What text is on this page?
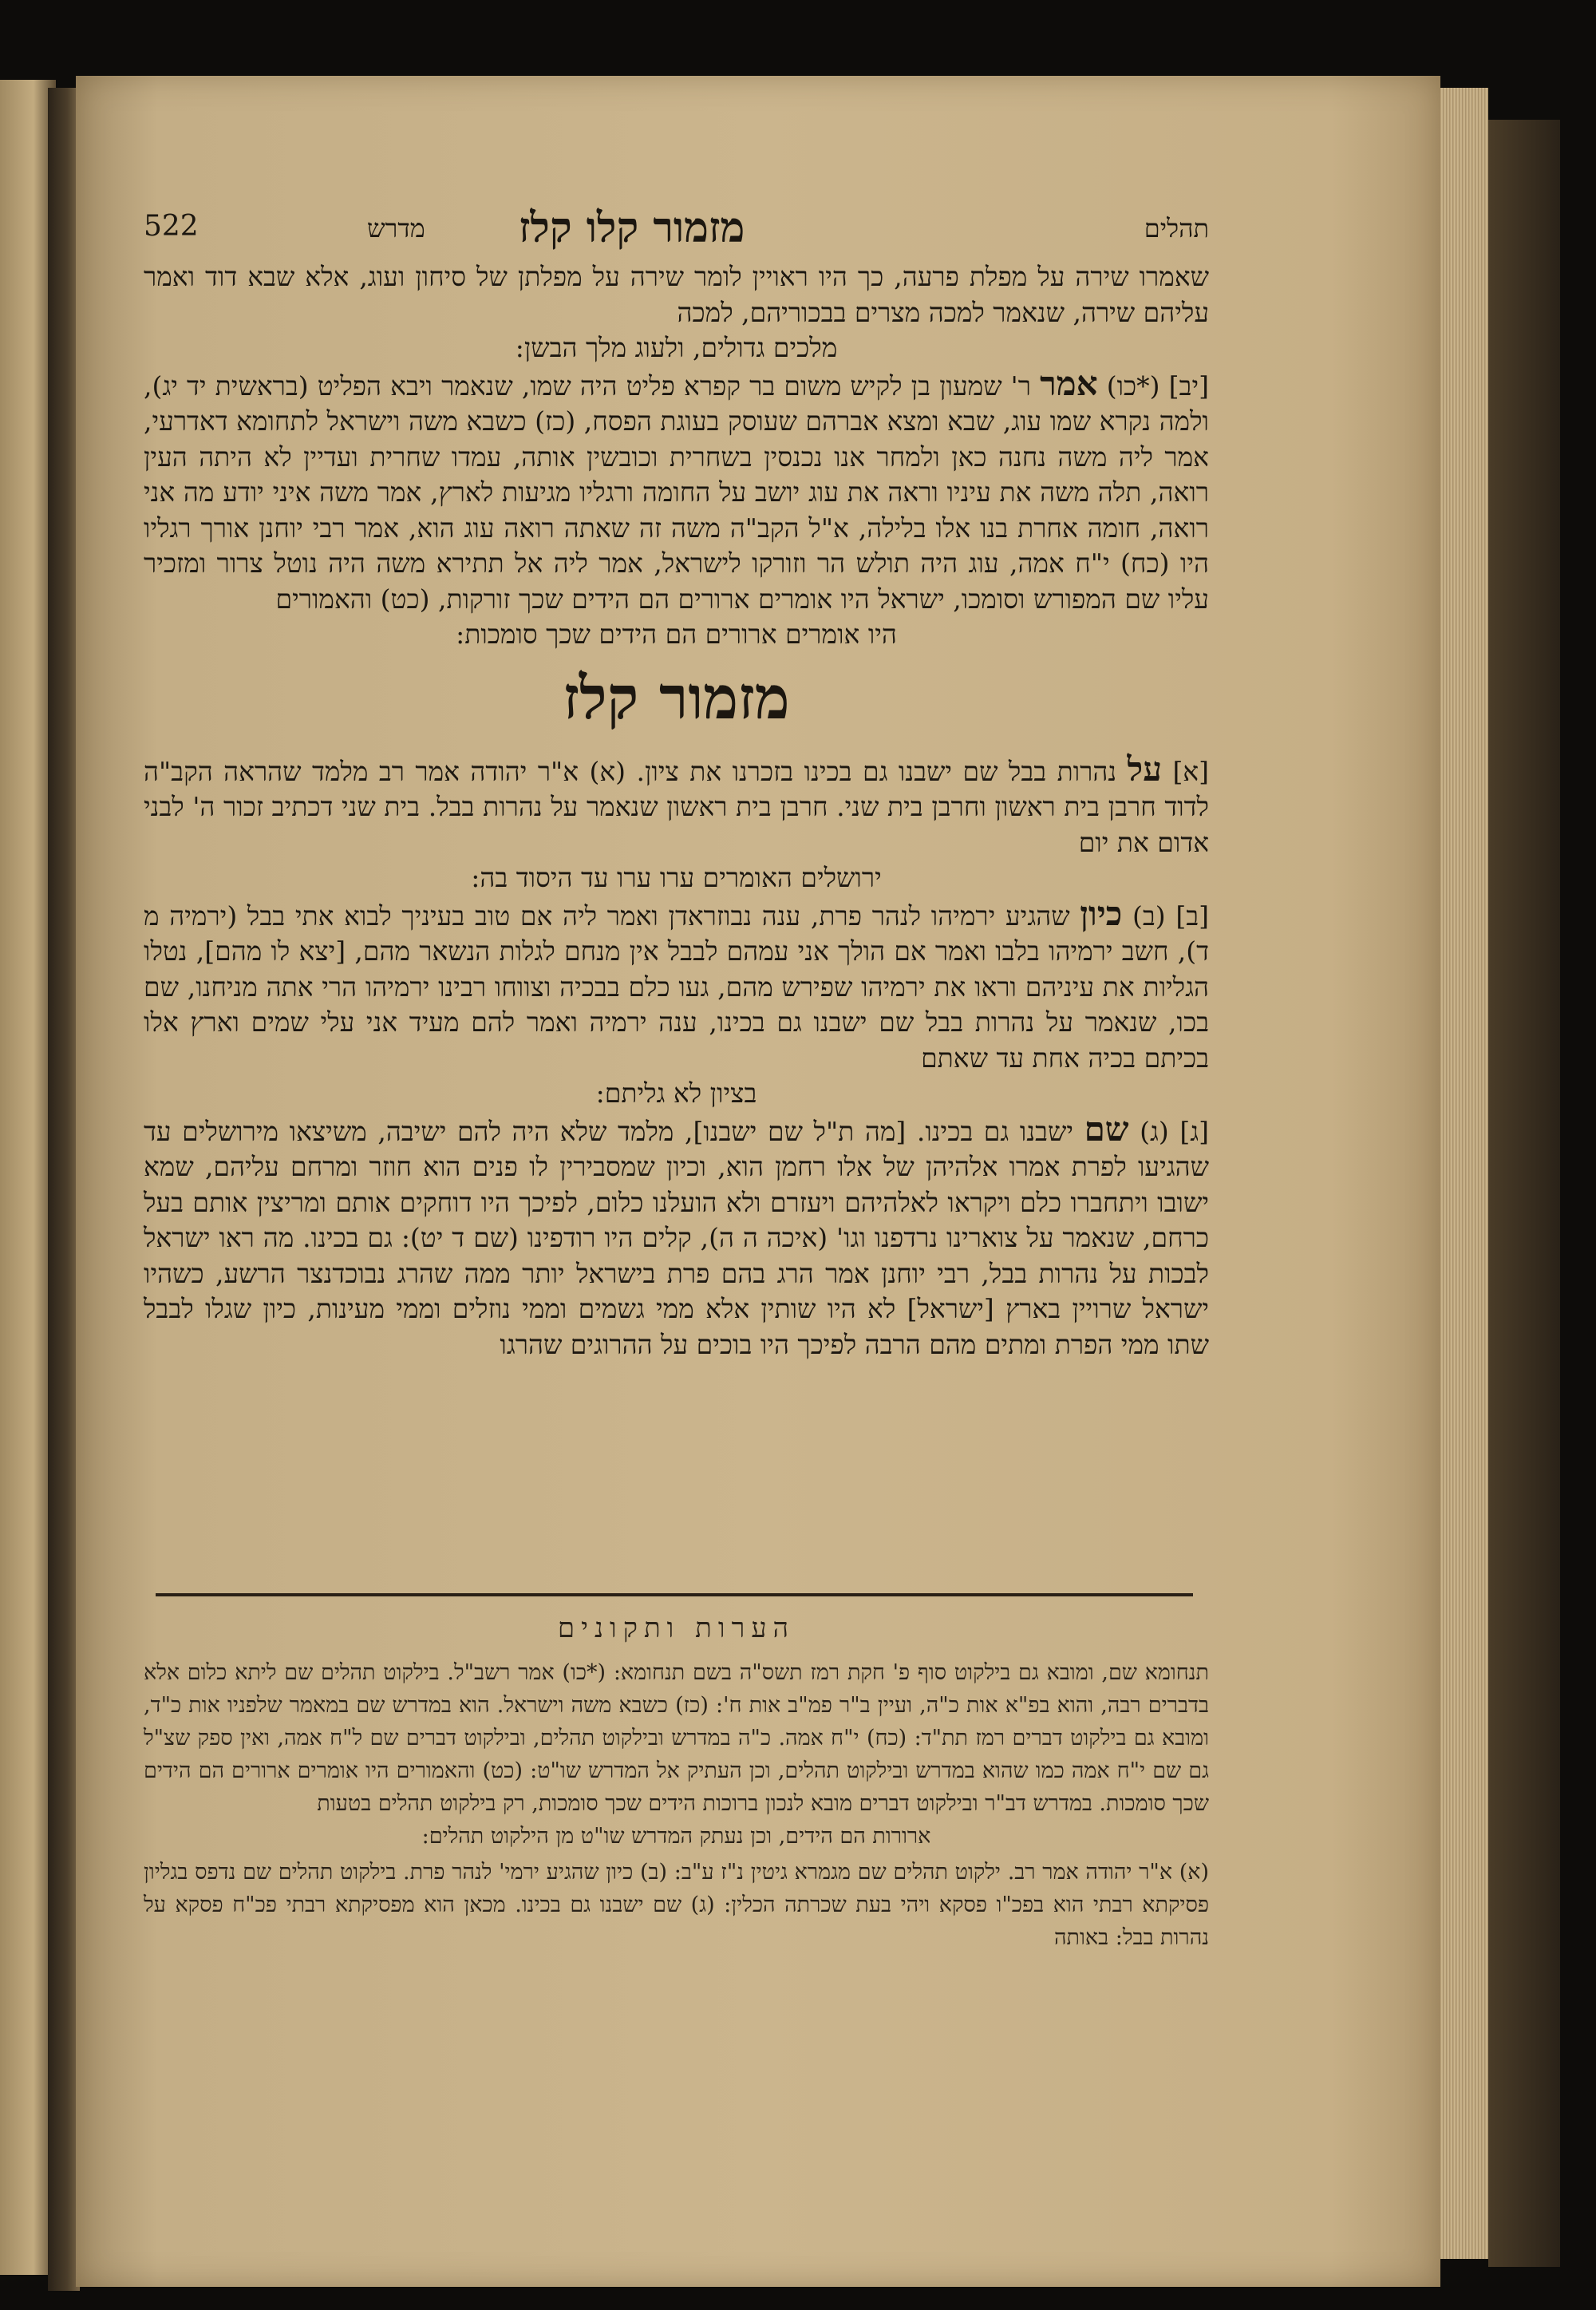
תהלים
מזמור קלו קלז
מדרש
522

שאמרו שירה על מפלת פרעה, כך היו ראויין לומר שירה על מפלתן של סיחון ועוג, אלא שבא דוד ואמר עליהם שירה, שנאמר למכה מצרים בבכוריהם, למכה

מלכים גדולים, ולעוג מלך הבשן:

[יב] (*כו) אמר ר' שמעון בן לקיש משום בר קפרא פליט היה שמו, שנאמר ויבא הפליט (בראשית יד יג), ולמה נקרא שמו עוג, שבא ומצא אברהם שעוסק בעוגת הפסח, (כז) כשבא משה וישראל לתחומא דאדרעי, אמר ליה משה נחנה כאן ולמחר אנו נכנסין בשחרית וכובשין אותה, עמדו שחרית ועדיין לא היתה העין רואה, תלה משה את עיניו וראה את עוג יושב על החומה ורגליו מגיעות לארץ, אמר משה איני יודע מה אני רואה, חומה אחרת בנו אלו בלילה, א"ל הקב"ה משה זה שאתה רואה עוג הוא, אמר רבי יוחנן אורך רגליו היו (כח) י"ח אמה, עוג היה תולש הר וזורקו לישראל, אמר ליה אל תתירא משה היה נוטל צרור ומזכיר עליו שם המפורש וסומכו, ישראל היו אומרים ארורים הם הידים שכך זורקות, (כט) והאמורים

היו אומרים ארורים הם הידים שכך סומכות:

מזמור קלז

[א] על נהרות בבל שם ישבנו גם בכינו בזכרנו את ציון. (א) א"ר יהודה אמר רב מלמד שהראה הקב"ה לדוד חרבן בית ראשון וחרבן בית שני. חרבן בית ראשון שנאמר על נהרות בבל. בית שני דכתיב זכור ה' לבני אדום את יום

ירושלים האומרים ערו ערו עד היסוד בה:

[ב] (ב) כיון שהגיע ירמיהו לנהר פרת, ענה נבוזראדן ואמר ליה אם טוב בעיניך לבוא אתי בבל (ירמיה מ ד), חשב ירמיהו בלבו ואמר אם הולך אני עמהם לבבל אין מנחם לגלות הנשאר מהם, [יצא לו מהם], נטלו הגליות את עיניהם וראו את ירמיהו שפירש מהם, געו כלם בבכיה וצווחו רבינו ירמיהו הרי אתה מניחנו, שם בכו, שנאמר על נהרות בבל שם ישבנו גם בכינו, ענה ירמיה ואמר להם מעיד אני עלי שמים וארץ אלו בכיתם בכיה אחת עד שאתם

בציון לא גליתם:

[ג] (ג) שם ישבנו גם בכינו. [מה ת"ל שם ישבנו], מלמד שלא היה להם ישיבה, משיצאו מירושלים עד שהגיעו לפרת אמרו אלהיהן של אלו רחמן הוא, וכיון שמסבירין לו פנים הוא חוזר ומרחם עליהם, שמא ישובו ויתחברו כלם ויקראו לאלהיהם ויעזרם ולא הועלנו כלום, לפיכך היו דוחקים אותם ומריצין אותם בעל כרחם, שנאמר על צוארינו נרדפנו וגו' (איכה ה ה), קלים היו רודפינו (שם ד יט): גם בכינו. מה ראו ישראל לבכות על נהרות בבל, רבי יוחנן אמר הרג בהם פרת בישראל יותר ממה שהרג נבוכדנצר הרשע, כשהיו ישראל שרויין בארץ [ישראל] לא היו שותין אלא ממי גשמים וממי נוזלים וממי מעינות, כיון שגלו לבבל שתו ממי הפרת ומתים מהם הרבה לפיכך היו בוכים על ההרוגים שהרגו

הערות ותקונים

תנחומא שם, ומובא גם בילקוט סוף פ' חקת רמז תשס"ה בשם תנחומא: (*כו) אמר רשב"ל. בילקוט תהלים שם ליתא כלום אלא בדברים רבה, והוא בפ"א אות כ"ה, ועיין ב"ר פמ"ב אות ח': (כז) כשבא משה וישראל. הוא במדרש שם במאמר שלפניו אות כ"ד, ומובא גם בילקוט דברים רמז תת"ד: (כח) י"ח אמה. כ"ה במדרש ובילקוט תהלים, ובילקוט דברים שם ל"ח אמה, ואין ספק שצ"ל גם שם י"ח אמה כמו שהוא במדרש ובילקוט תהלים, וכן העתיק אל המדרש שו"ט: (כט) והאמורים היו אומרים ארורים הם הידים שכך סומכות. במדרש דב"ר ובילקוט דברים מובא לנכון ברוכות הידים שכך סומכות, רק בילקוט תהלים בטעות

ארורות הם הידים, וכן נעתק המדרש שו"ט מן הילקוט תהלים:

(א) א"ר יהודה אמר רב. ילקוט תהלים שם מגמרא גיטין נ"ז ע"ב: (ב) כיון שהגיע ירמי' לנהר פרת. בילקוט תהלים שם נדפס בגליון פסיקתא רבתי הוא בפכ"ו פסקא ויהי בעת שכרתה הכלין: (ג) שם ישבנו גם בכינו. מכאן הוא מפסיקתא רבתי פכ"ח פסקא על נהרות בבל: באותה
